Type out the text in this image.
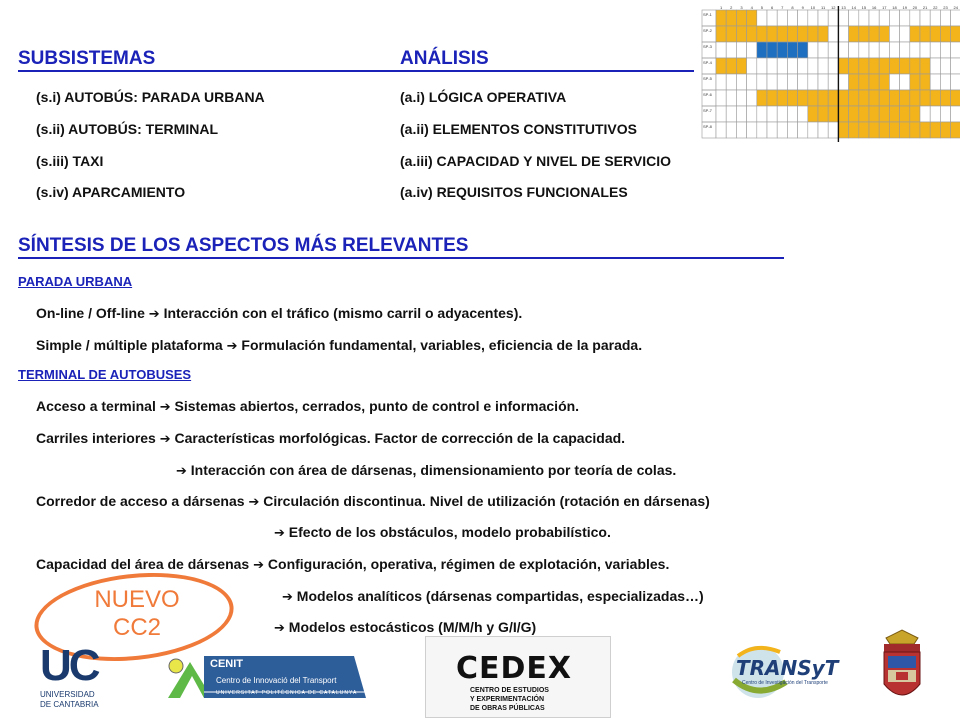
1 2 3 4 5 6 7 8 9 10 11 12 13 14 15 16 17 18 19 20 21 22 23 24
SP-1
SP-2
SP-3
SP-4
SP-5
SP-6
SP-7
SP-8
SUBSISTEMAS	ANÁLISIS
(s.i) AUTOBÚS: PARADA URBANA
(s.ii) AUTOBÚS: TERMINAL
(s.iii) TAXI
(s.iv) APARCAMIENTO
(a.i) LÓGICA OPERATIVA
(a.ii) ELEMENTOS CONSTITUTIVOS
(a.iii) CAPACIDAD Y NIVEL DE SERVICIO
(a.iv) REQUISITOS FUNCIONALES
SÍNTESIS DE LOS ASPECTOS MÁS RELEVANTES
PARADA URBANA
On-line / Off-line ➔ Interacción con el tráfico (mismo carril o adyacentes).
Simple / múltiple plataforma ➔ Formulación fundamental, variables, eficiencia de la parada.
TERMINAL DE AUTOBUSES
Acceso a terminal ➔ Sistemas abiertos, cerrados, punto de control e información.
Carriles interiores ➔ Características morfológicas. Factor de corrección de la capacidad.
➔ Interacción con área de dársenas, dimensionamiento por teoría de colas.
Corredor de acceso a dársenas ➔ Circulación discontinua. Nivel de utilización (rotación en dársenas)
➔ Efecto de los obstáculos, modelo probabilístico.
Capacidad del área de dársenas ➔ Configuración, operativa, régimen de explotación, variables.
➔ Modelos analíticos (dársenas compartidas, especializadas…)
➔ Modelos estocásticos (M/M/h y G/I/G)
NUEVO
CC2
UC
UNIVERSIDAD
DE CANTABRIA
CENIT
Centro de Innovació del Transport
UNIVERSITAT POLITÈCNICA DE CATALUNYA
CEDEX
CENTRO DE ESTUDIOS
Y EXPERIMENTACIÓN
DE OBRAS PÚBLICAS
TRANSyT
Centro de Investigación del Transporte
